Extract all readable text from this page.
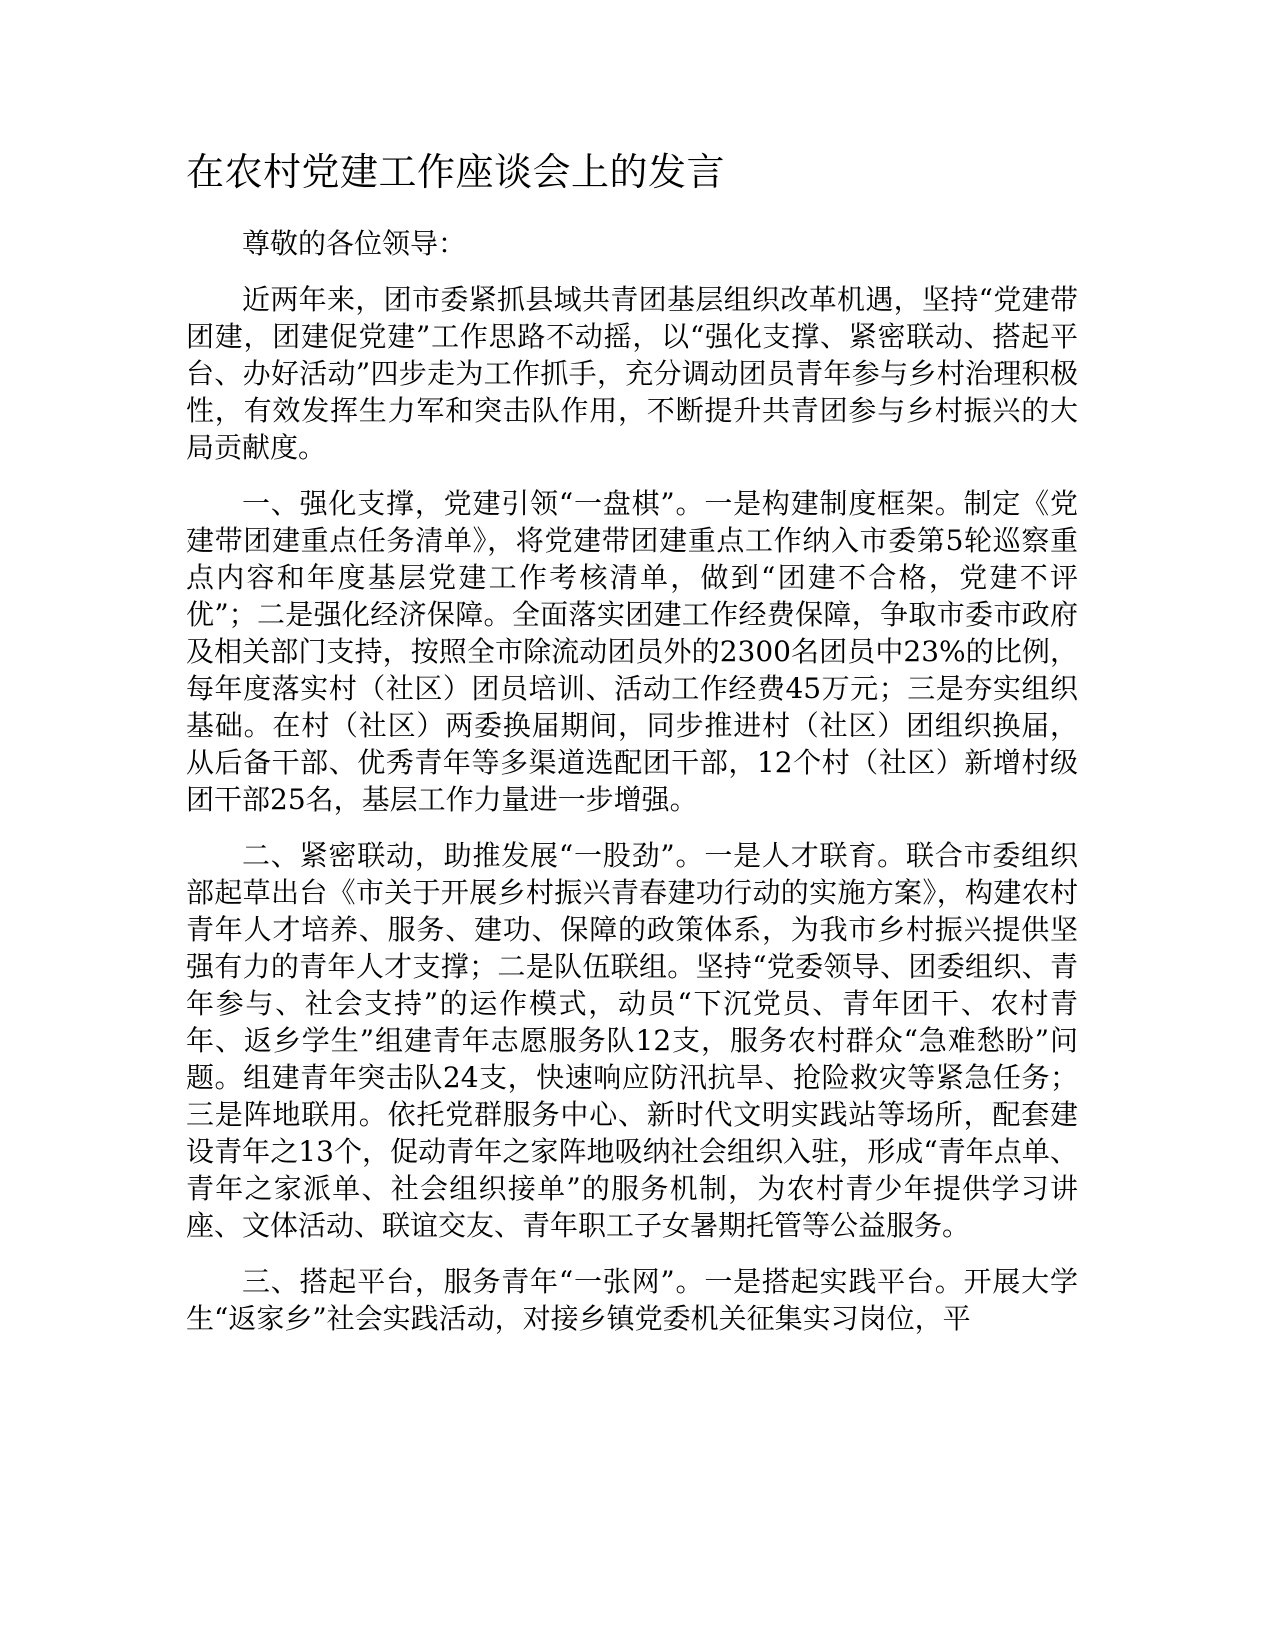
在农村党建工作座谈会上的发言

尊敬的各位领导：

近两年来，团市委紧抓县域共青团基层组织改革机遇，坚持“党建带团建，团建促党建”工作思路不动摇，以“强化支撑、紧密联动、搭起平台、办好活动”四步走为工作抓手，充分调动团员青年参与乡村治理积极性，有效发挥生力军和突击队作用，不断提升共青团参与乡村振兴的大局贡献度。

一、强化支撑，党建引领“一盘棋”。一是构建制度框架。制定《党建带团建重点任务清单》，将党建带团建重点工作纳入市委第5轮巡察重点内容和年度基层党建工作考核清单，做到“团建不合格，党建不评优”；二是强化经济保障。全面落实团建工作经费保障，争取市委市政府及相关部门支持，按照全市除流动团员外的2300名团员中23%的比例，每年度落实村（社区）团员培训、活动工作经费45万元；三是夯实组织基础。在村（社区）两委换届期间，同步推进村（社区）团组织换届，从后备干部、优秀青年等多渠道选配团干部，12个村（社区）新增村级团干部25名，基层工作力量进一步增强。

二、紧密联动，助推发展“一股劲”。一是人才联育。联合市委组织部起草出台《市关于开展乡村振兴青春建功行动的实施方案》，构建农村青年人才培养、服务、建功、保障的政策体系，为我市乡村振兴提供坚强有力的青年人才支撑；二是队伍联组。坚持“党委领导、团委组织、青年参与、社会支持”的运作模式，动员“下沉党员、青年团干、农村青年、返乡学生”组建青年志愿服务队12支，服务农村群众“急难愁盼”问题。组建青年突击队24支，快速响应防汛抗旱、抢险救灾等紧急任务；三是阵地联用。依托党群服务中心、新时代文明实践站等场所，配套建设青年之13个，促动青年之家阵地吸纳社会组织入驻，形成“青年点单、青年之家派单、社会组织接单”的服务机制，为农村青少年提供学习讲座、文体活动、联谊交友、青年职工子女暑期托管等公益服务。

三、搭起平台，服务青年“一张网”。一是搭起实践平台。开展大学生“返家乡”社会实践活动，对接乡镇党委机关征集实习岗位，平
